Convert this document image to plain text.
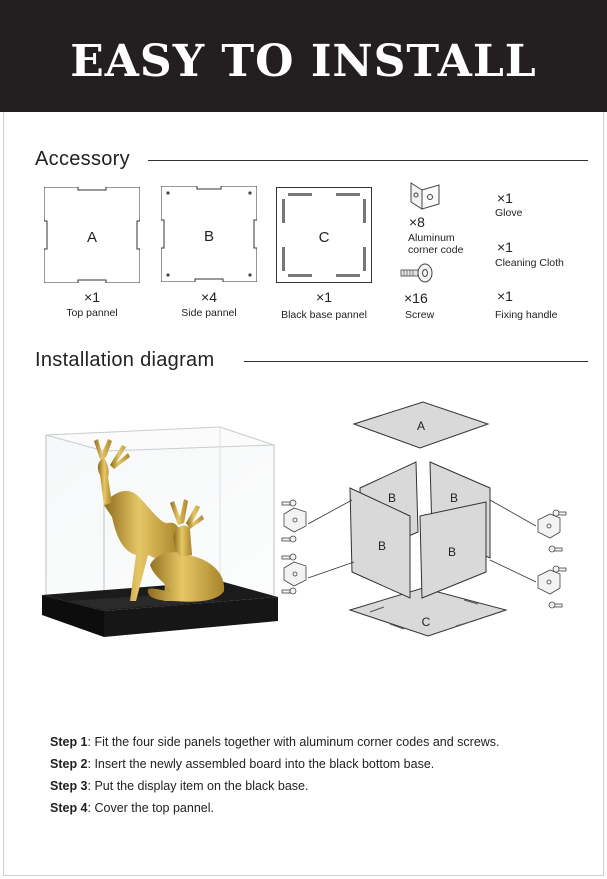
EASY TO INSTALL
Accessory
A
×1
Top pannel
B
×4
Side pannel
C
×1
Black base pannel
×8
Aluminum
corner code
×16
Screw
×1
Glove
×1
Cleaning Cloth
×1
Fixing handle
Installation diagram
A
B	B
B	B
C
Step 1: Fit the four side panels together with aluminum corner codes and screws.
Step 2: Insert the newly assembled board into the black bottom base.
Step 3: Put the display item on the black base.
Step 4: Cover the top pannel.
